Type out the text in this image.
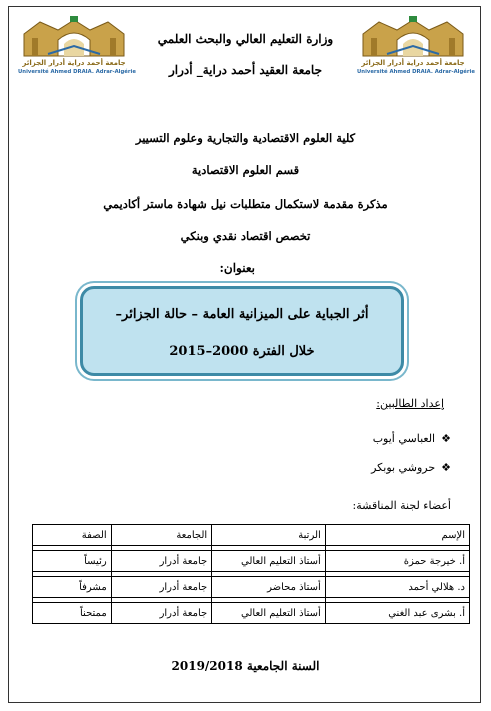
جامعة أحمد دراية أدرار الجزائر
Université Ahmed DRAIA. Adrar-Algérie
جامعة أحمد دراية أدرار الجزائر
Université Ahmed DRAIA. Adrar-Algérie
وزارة التعليم العالي والبحث العلمي
جامعة العقيد أحمد دراية_ أدرار
كلية العلوم الاقتصادية والتجارية وعلوم التسيير
قسم العلوم الاقتصادية
مذكرة مقدمة لاستكمال متطلبات نيل شهادة ماستر أكاديمي
تخصص اقتصاد نقدي وبنكي
بعنوان:
أثر الجباية على الميزانية العامة – حالة الجزائر–
خلال الفترة 2000–2015
إعداد الطالبين:
❖
العباسي أيوب
❖
حروشي بوبكر
أعضاء لجنة المناقشة:
الإسم	الرتبة	الجامعة	الصفة

أ. خيرجة حمزة	أستاذ التعليم العالي	جامعة أدرار	رئيساً

د. هلالي أحمد	أستاذ محاضر	جامعة أدرار	مشرفاً

أ. بشرى عبد الغني	أستاذ التعليم العالي	جامعة أدرار	ممتحناً
السنة الجامعية 2019/2018
